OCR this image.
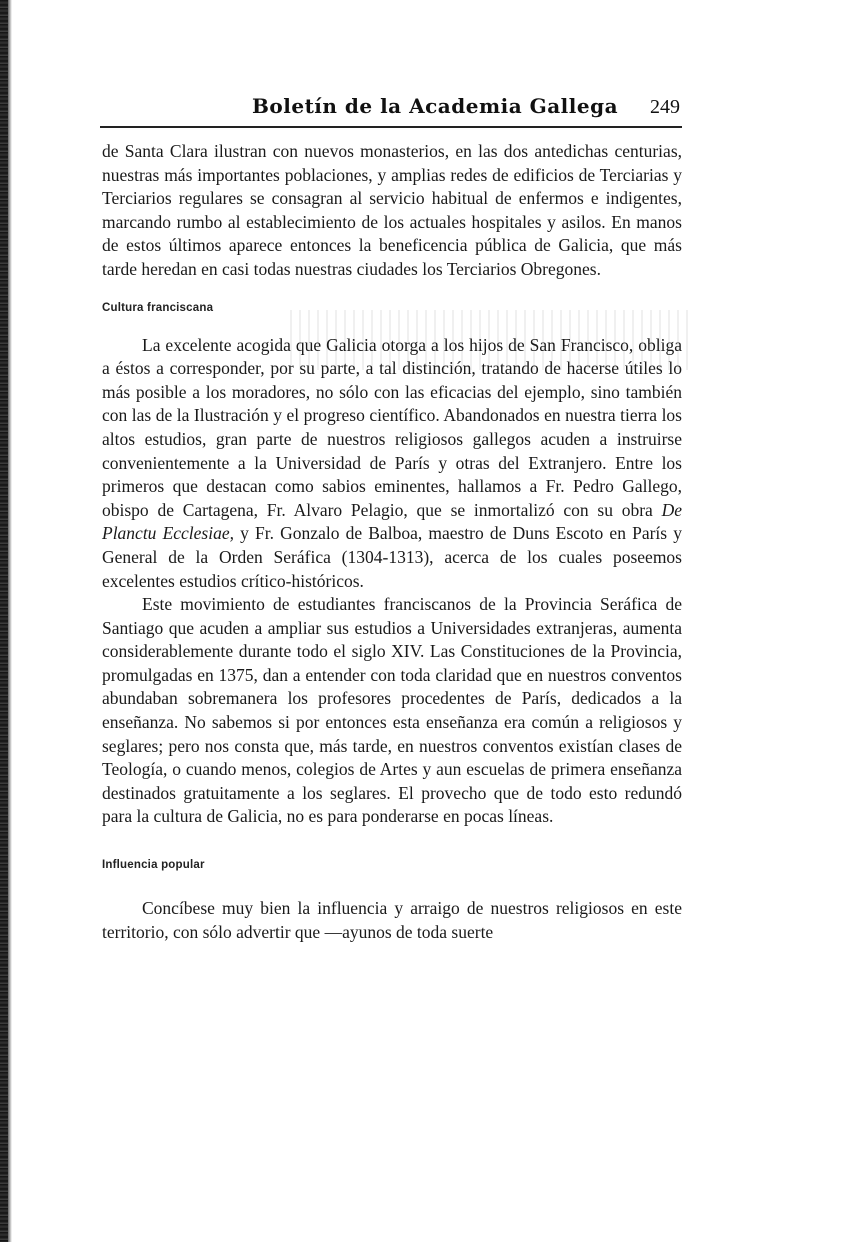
Boletín de la Academia Gallega 249

de Santa Clara ilustran con nuevos monasterios, en las dos antedichas centurias, nuestras más importantes poblaciones, y amplias redes de edificios de Terciarias y Terciarios regulares se consagran al servicio habitual de enfermos e indigentes, marcando rumbo al establecimiento de los actuales hospitales y asilos. En manos de estos últimos aparece entonces la beneficencia pública de Galicia, que más tarde heredan en casi todas nuestras ciudades los Terciarios Obregones.

Cultura franciscana

La excelente acogida que Galicia otorga a los hijos de San Francisco, obliga a éstos a corresponder, por su parte, a tal distinción, tratando de hacerse útiles lo más posible a los moradores, no sólo con las eficacias del ejemplo, sino también con las de la Ilustración y el progreso científico. Abandonados en nuestra tierra los altos estudios, gran parte de nuestros religiosos gallegos acuden a instruirse convenientemente a la Universidad de París y otras del Extranjero. Entre los primeros que destacan como sabios eminentes, hallamos a Fr. Pedro Gallego, obispo de Cartagena, Fr. Alvaro Pelagio, que se inmortalizó con su obra De Planctu Ecclesiae, y Fr. Gonzalo de Balboa, maestro de Duns Escoto en París y General de la Orden Seráfica (1304-1313), acerca de los cuales poseemos excelentes estudios crítico-históricos.

Este movimiento de estudiantes franciscanos de la Provincia Seráfica de Santiago que acuden a ampliar sus estudios a Universidades extranjeras, aumenta considerablemente durante todo el siglo XIV. Las Constituciones de la Provincia, promulgadas en 1375, dan a entender con toda claridad que en nuestros conventos abundaban sobremanera los profesores procedentes de París, dedicados a la enseñanza. No sabemos si por entonces esta enseñanza era común a religiosos y seglares; pero nos consta que, más tarde, en nuestros conventos existían clases de Teología, o cuando menos, colegios de Artes y aun escuelas de primera enseñanza destinados gratuitamente a los seglares. El provecho que de todo esto redundó para la cultura de Galicia, no es para ponderarse en pocas líneas.

Influencia popular

Concíbese muy bien la influencia y arraigo de nuestros religiosos en este territorio, con sólo advertir que —ayunos de toda suerte
